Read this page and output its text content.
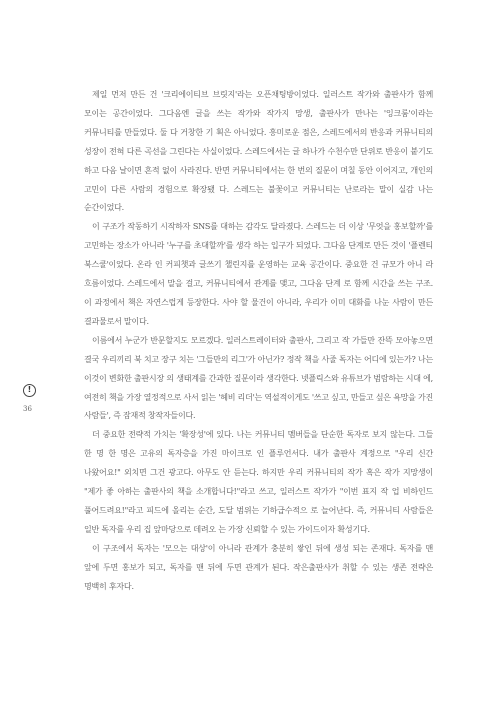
!
36

제일 먼저 만든 건 '크리에이티브 브릿지'라는 오픈채팅방이었다. 일러스트 작가와 출판사가 함께 모이는 공간이었다. 그다음엔 글을 쓰는 작가와 작가지 망생, 출판사가 만나는 '잉크룸'이라는 커뮤니티를 만들었다. 둘 다 거창한 기 획은 아니었다. 흥미로운 점은, 스레드에서의 반응과 커뮤니티의 성장이 전혀 다른 곡선을 그린다는 사실이었다. 스레드에서는 글 하나가 수천수만 단위로 반응이 붙기도 하고 다음 날이면 흔적 없이 사라진다. 반면 커뮤니티에서는 한 번의 질문이 며칠 동안 이어지고, 개인의 고민이 다른 사람의 경험으로 확장됐 다. 스레드는 불꽃이고 커뮤니티는 난로라는 말이 실감 나는 순간이었다.

이 구조가 작동하기 시작하자 SNS를 대하는 감각도 달라졌다. 스레드는 더 이상 '무엇을 홍보할까'를 고민하는 장소가 아니라 '누구를 초대할까'를 생각 하는 입구가 되었다. 그다음 단계로 만든 것이 '플렌티 북스쿨'이었다. 온라 인 커피챗과 글쓰기 챌린지를 운영하는 교육 공간이다. 중요한 건 규모가 아니 라 흐름이었다. 스레드에서 말을 걸고, 커뮤니티에서 관계를 맺고, 그다음 단계 로 함께 시간을 쓰는 구조. 이 과정에서 책은 자연스럽게 등장한다. 사야 할 물건이 아니라, 우리가 이미 대화를 나눈 사람이 만든 결과물로서 말이다.

이름에서 누군가 반문할지도 모르겠다. 일러스트레이터와 출판사, 그리고 작 가들만 잔뜩 모아놓으면 결국 우리끼리 북 치고 장구 치는 '그들만의 리그'가 아닌가? 정작 책을 사줄 독자는 어디에 있는가? 나는 이것이 변화한 출판시장 의 생태계를 간과한 질문이라 생각한다. 넷플릭스와 유튜브가 범람하는 시대 에, 여전히 책을 가장 열정적으로 사서 읽는 '헤비 리더'는 역설적이게도 '쓰고 싶고, 만들고 싶은 욕망을 가진 사람들', 즉 잠재적 창작자들이다.

더 중요한 전략적 가치는 '확장성'에 있다. 나는 커뮤니티 멤버들을 단순한 독자로 보지 않는다. 그들 한 명 한 명은 고유의 독자층을 가진 마이크로 인 플루언서다. 내가 출판사 계정으로 "우리 신간 나왔어요!" 외치면 그건 광고다. 아무도 안 듣는다. 하지만 우리 커뮤니티의 작가 혹은 작가 지망생이 "제가 좋 아하는 출판사의 책을 소개합니다!"라고 쓰고, 일러스트 작가가 "이번 표지 작 업 비하인드 풀어드려요!"라고 피드에 올리는 순간, 도달 범위는 기하급수적으 로 늘어난다. 즉, 커뮤니티 사람들은 일반 독자를 우리 집 앞마당으로 데려오 는 가장 신뢰할 수 있는 가이드이자 확성기다.

이 구조에서 독자는 '모으는 대상'이 아니라 관계가 충분히 쌓인 뒤에 생성 되는 존재다. 독자를 맨 앞에 두면 홍보가 되고, 독자를 맨 뒤에 두면 관계가 된다. 작은출판사가 취할 수 있는 생존 전략은 명백히 후자다.
